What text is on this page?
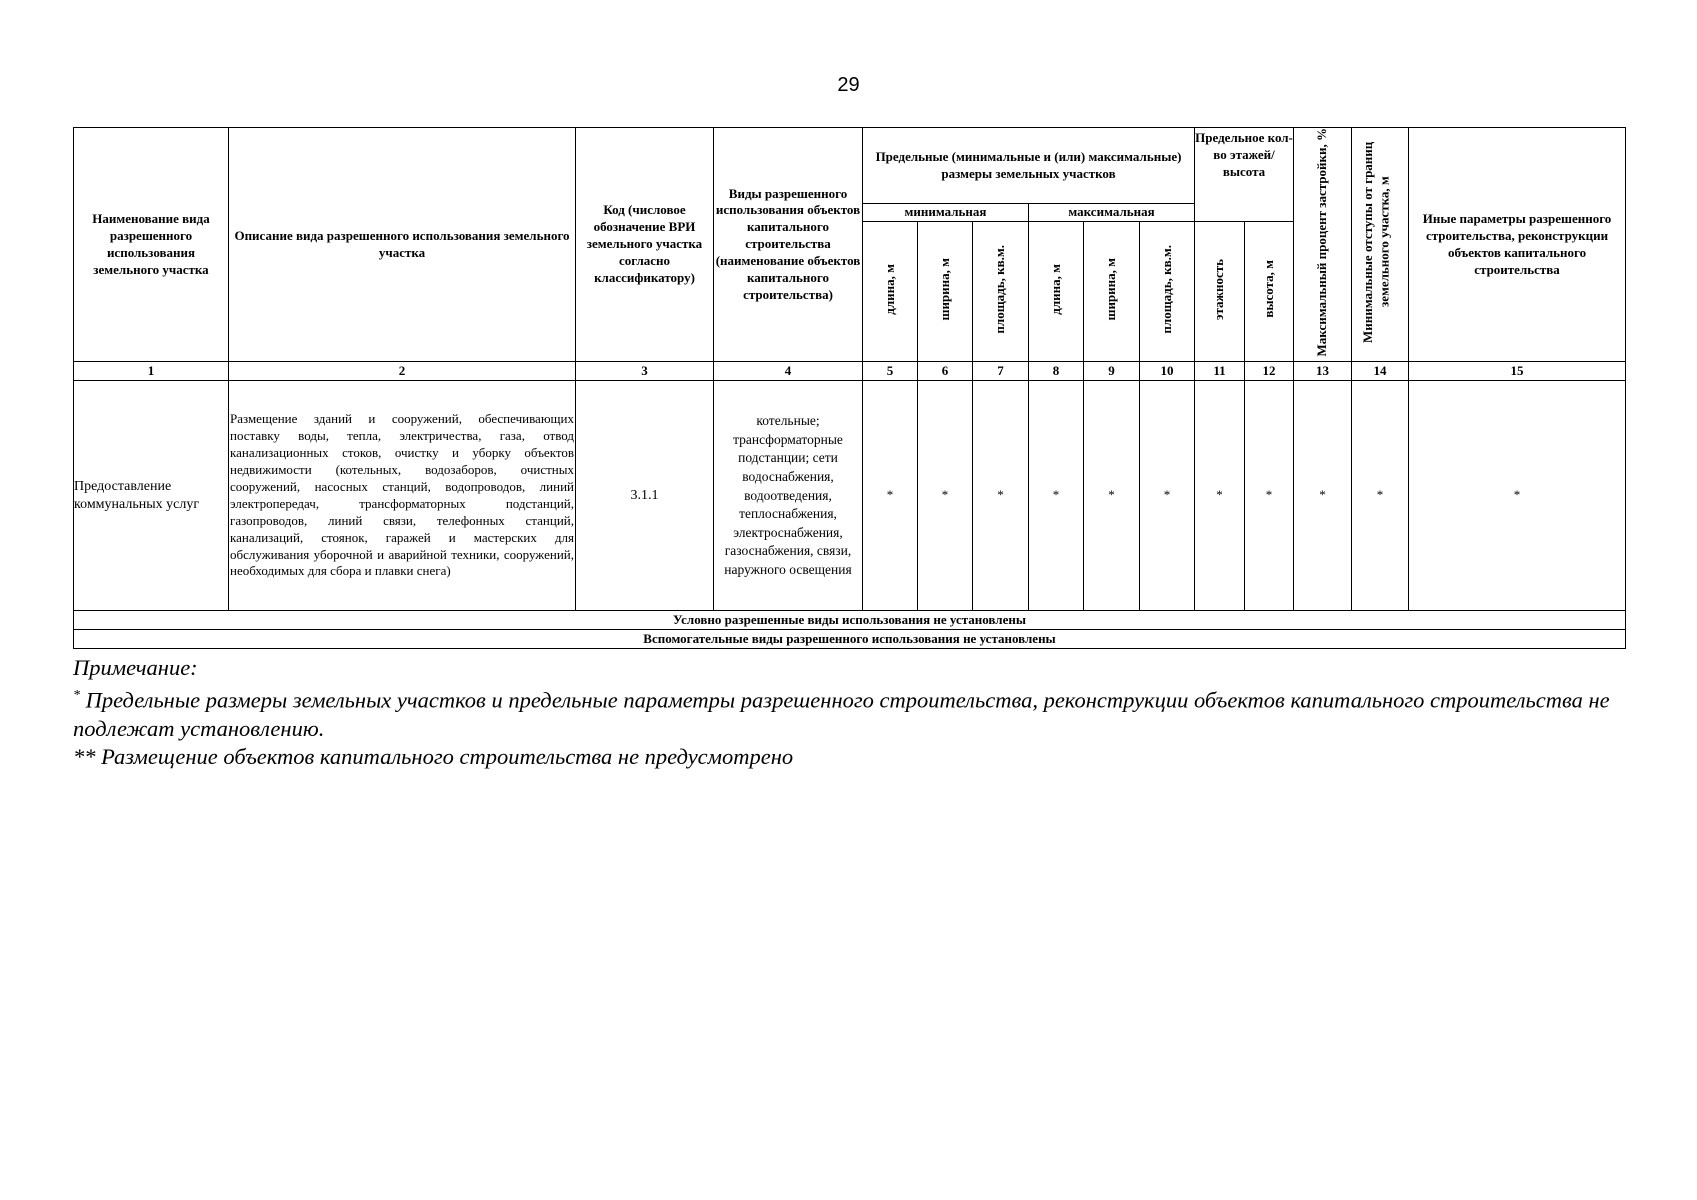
29
Наименование вида разрешенного использования земельного участка	Описание вида разрешенного использования земельного участка	Код (числовое обозначение ВРИ земельного участка согласно классификатору)	Виды разрешенного использования объектов капитального строительства (наименование объектов капитального строительства)	Предельные (минимальные и (или) максимальные) размеры земельных участков						Предельное кол-во этажей/ высота		Максимальный процент застройки, %	Минимальные отступы от границ земельного участка, м	Иные параметры разрешенного строительства, реконструкции объектов капитального строительства
				минимальная			максимальная							
				длина, м	ширина, м	площадь, кв.м.	длина, м	ширина, м	площадь, кв.м.	этажность	высота, м			
1	2	3	4	5	6	7	8	9	10	11	12	13	14	15
Предоставление коммунальных услуг	Размещение зданий и сооружений, обеспечивающих поставку воды, тепла, электричества, газа, отвод канализационных стоков, очистку и уборку объектов недвижимости (котельных, водозаборов, очистных сооружений, насосных станций, водопроводов, линий электропередач, трансформаторных подстанций, газопроводов, линий связи, телефонных станций, канализаций, стоянок, гаражей и мастерских для обслуживания уборочной и аварийной техники, сооружений, необходимых для сбора и плавки снега)	3.1.1	котельные; трансформаторные подстанции; сети водоснабжения, водоотведения, теплоснабжения, электроснабжения, газоснабжения, связи, наружного освещения	*	*	*	*	*	*	*	*	*	*	*
Условно разрешенные виды использования не установлены														
Вспомогательные виды разрешенного использования не установлены														

Примечание:

* Предельные размеры земельных участков и предельные параметры разрешенного строительства, реконструкции объектов капитального строительства не подлежат установлению.

** Размещение объектов капитального строительства не предусмотрено
